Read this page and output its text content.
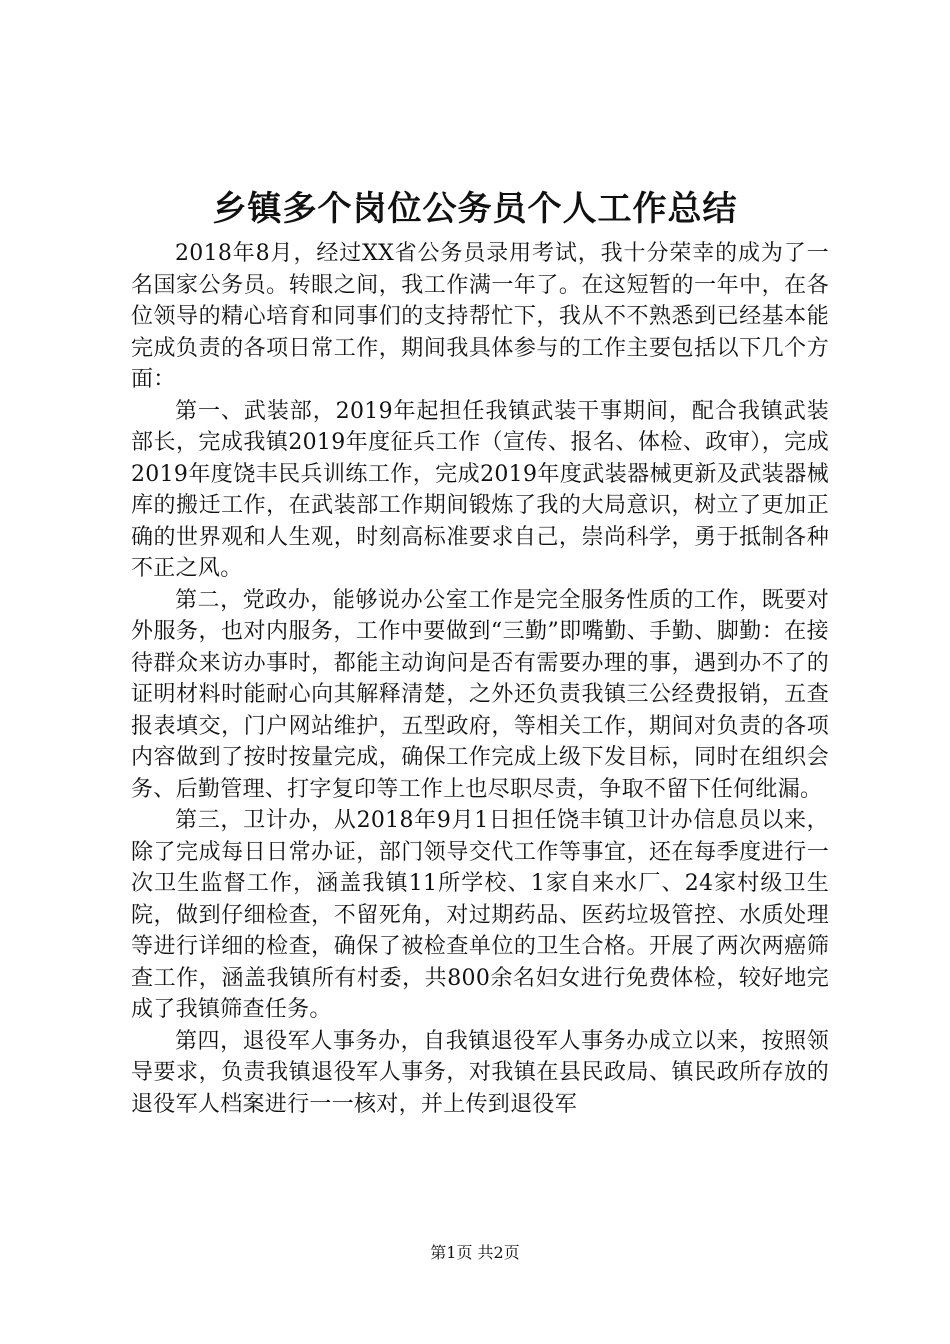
乡镇多个岗位公务员个人工作总结

2018年8月，经过XX省公务员录用考试，我十分荣幸的成为了一名国家公务员。转眼之间，我工作满一年了。在这短暂的一年中，在各位领导的精心培育和同事们的支持帮忙下，我从不不熟悉到已经基本能完成负责的各项日常工作，期间我具体参与的工作主要包括以下几个方面：

第一、武装部，2019年起担任我镇武装干事期间，配合我镇武装部长，完成我镇2019年度征兵工作（宣传、报名、体检、政审），完成2019年度饶丰民兵训练工作，完成2019年度武装器械更新及武装器械库的搬迁工作，在武装部工作期间锻炼了我的大局意识，树立了更加正确的世界观和人生观，时刻高标准要求自己，崇尚科学，勇于抵制各种不正之风。

第二，党政办，能够说办公室工作是完全服务性质的工作，既要对外服务，也对内服务，工作中要做到“三勤”即嘴勤、手勤、脚勤：在接待群众来访办事时，都能主动询问是否有需要办理的事，遇到办不了的证明材料时能耐心向其解释清楚，之外还负责我镇三公经费报销，五查报表填交，门户网站维护，五型政府，等相关工作，期间对负责的各项内容做到了按时按量完成，确保工作完成上级下发目标，同时在组织会务、后勤管理、打字复印等工作上也尽职尽责，争取不留下任何纰漏。

第三，卫计办，从2018年9月1日担任饶丰镇卫计办信息员以来，除了完成每日日常办证，部门领导交代工作等事宜，还在每季度进行一次卫生监督工作，涵盖我镇11所学校、1家自来水厂、24家村级卫生院，做到仔细检查，不留死角，对过期药品、医药垃圾管控、水质处理等进行详细的检查，确保了被检查单位的卫生合格。开展了两次两癌筛查工作，涵盖我镇所有村委，共800余名妇女进行免费体检，较好地完成了我镇筛查任务。

第四，退役军人事务办，自我镇退役军人事务办成立以来，按照领导要求，负责我镇退役军人事务，对我镇在县民政局、镇民政所存放的退役军人档案进行一一核对，并上传到退役军

第1页 共2页
